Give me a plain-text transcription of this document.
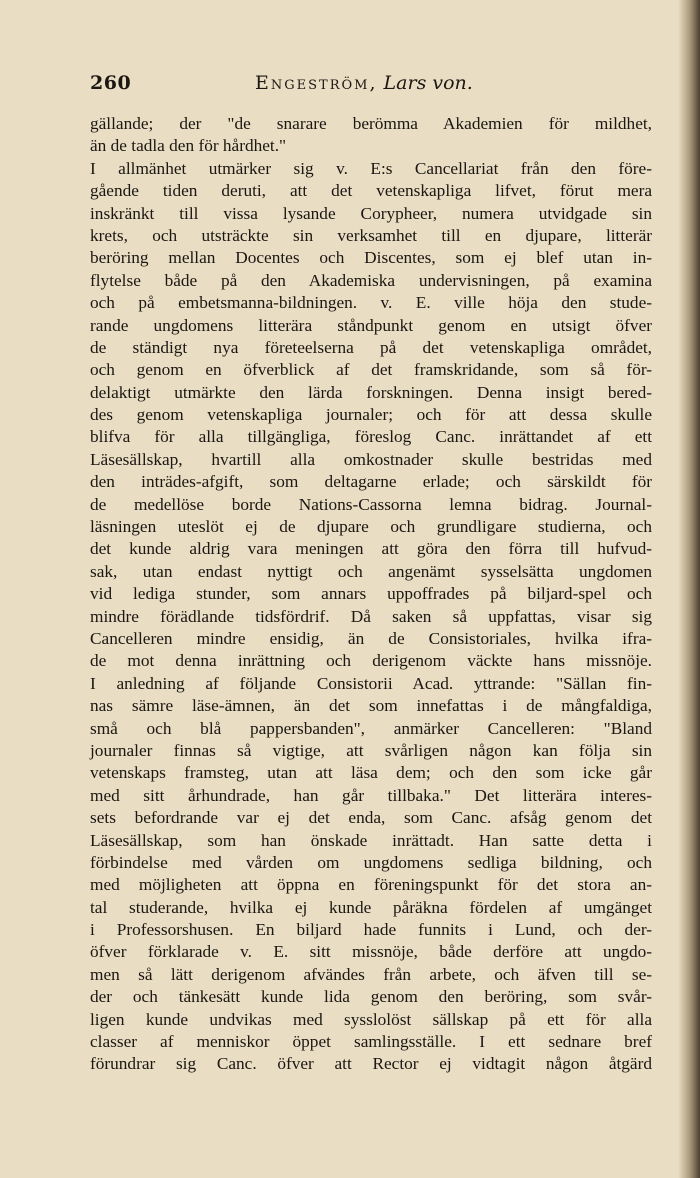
260	Engeström, Lars von.
gällande; der "de snarare berömma Akademien för mildhet,
än de tadla den för hårdhet."
I allmänhet utmärker sig v. E:s Cancellariat från den före-
gående tiden deruti, att det vetenskapliga lifvet, förut mera
inskränkt till vissa lysande Corypheer, numera utvidgade sin
krets, och utsträckte sin verksamhet till en djupare, litterär
beröring mellan Docentes och Discentes, som ej blef utan in-
flytelse både på den Akademiska undervisningen, på examina
och på embetsmanna-bildningen. v. E. ville höja den stude-
rande ungdomens litterära ståndpunkt genom en utsigt öfver
de ständigt nya företeelserna på det vetenskapliga området,
och genom en öfverblick af det framskridande, som så för-
delaktigt utmärkte den lärda forskningen. Denna insigt bered-
des genom vetenskapliga journaler; och för att dessa skulle
blifva för alla tillgängliga, föreslog Canc. inrättandet af ett
Läsesällskap, hvartill alla omkostnader skulle bestridas med
den inträdes-afgift, som deltagarne erlade; och särskildt för
de medellöse borde Nations-Cassorna lemna bidrag. Journal-
läsningen uteslöt ej de djupare och grundligare studierna, och
det kunde aldrig vara meningen att göra den förra till hufvud-
sak, utan endast nyttigt och angenämt sysselsätta ungdomen
vid lediga stunder, som annars uppoffrades på biljard-spel och
mindre förädlande tidsfördrif. Då saken så uppfattas, visar sig
Cancelleren mindre ensidig, än de Consistoriales, hvilka ifra-
de mot denna inrättning och derigenom väckte hans missnöje.
I anledning af följande Consistorii Acad. yttrande: "Sällan fin-
nas sämre läse-ämnen, än det som innefattas i de mångfaldiga,
små och blå pappersbanden", anmärker Cancelleren: "Bland
journaler finnas så vigtige, att svårligen någon kan följa sin
vetenskaps framsteg, utan att läsa dem; och den som icke går
med sitt århundrade, han går tillbaka." Det litterära interes-
sets befordrande var ej det enda, som Canc. afsåg genom det
Läsesällskap, som han önskade inrättadt. Han satte detta i
förbindelse med vården om ungdomens sedliga bildning, och
med möjligheten att öppna en föreningspunkt för det stora an-
tal studerande, hvilka ej kunde påräkna fördelen af umgänget
i Professorshusen. En biljard hade funnits i Lund, och der-
öfver förklarade v. E. sitt missnöje, både derföre att ungdo-
men så lätt derigenom afvändes från arbete, och äfven till se-
der och tänkesätt kunde lida genom den beröring, som svår-
ligen kunde undvikas med sysslolöst sällskap på ett för alla
classer af menniskor öppet samlingsställe. I ett sednare bref
förundrar sig Canc. öfver att Rector ej vidtagit någon åtgärd
